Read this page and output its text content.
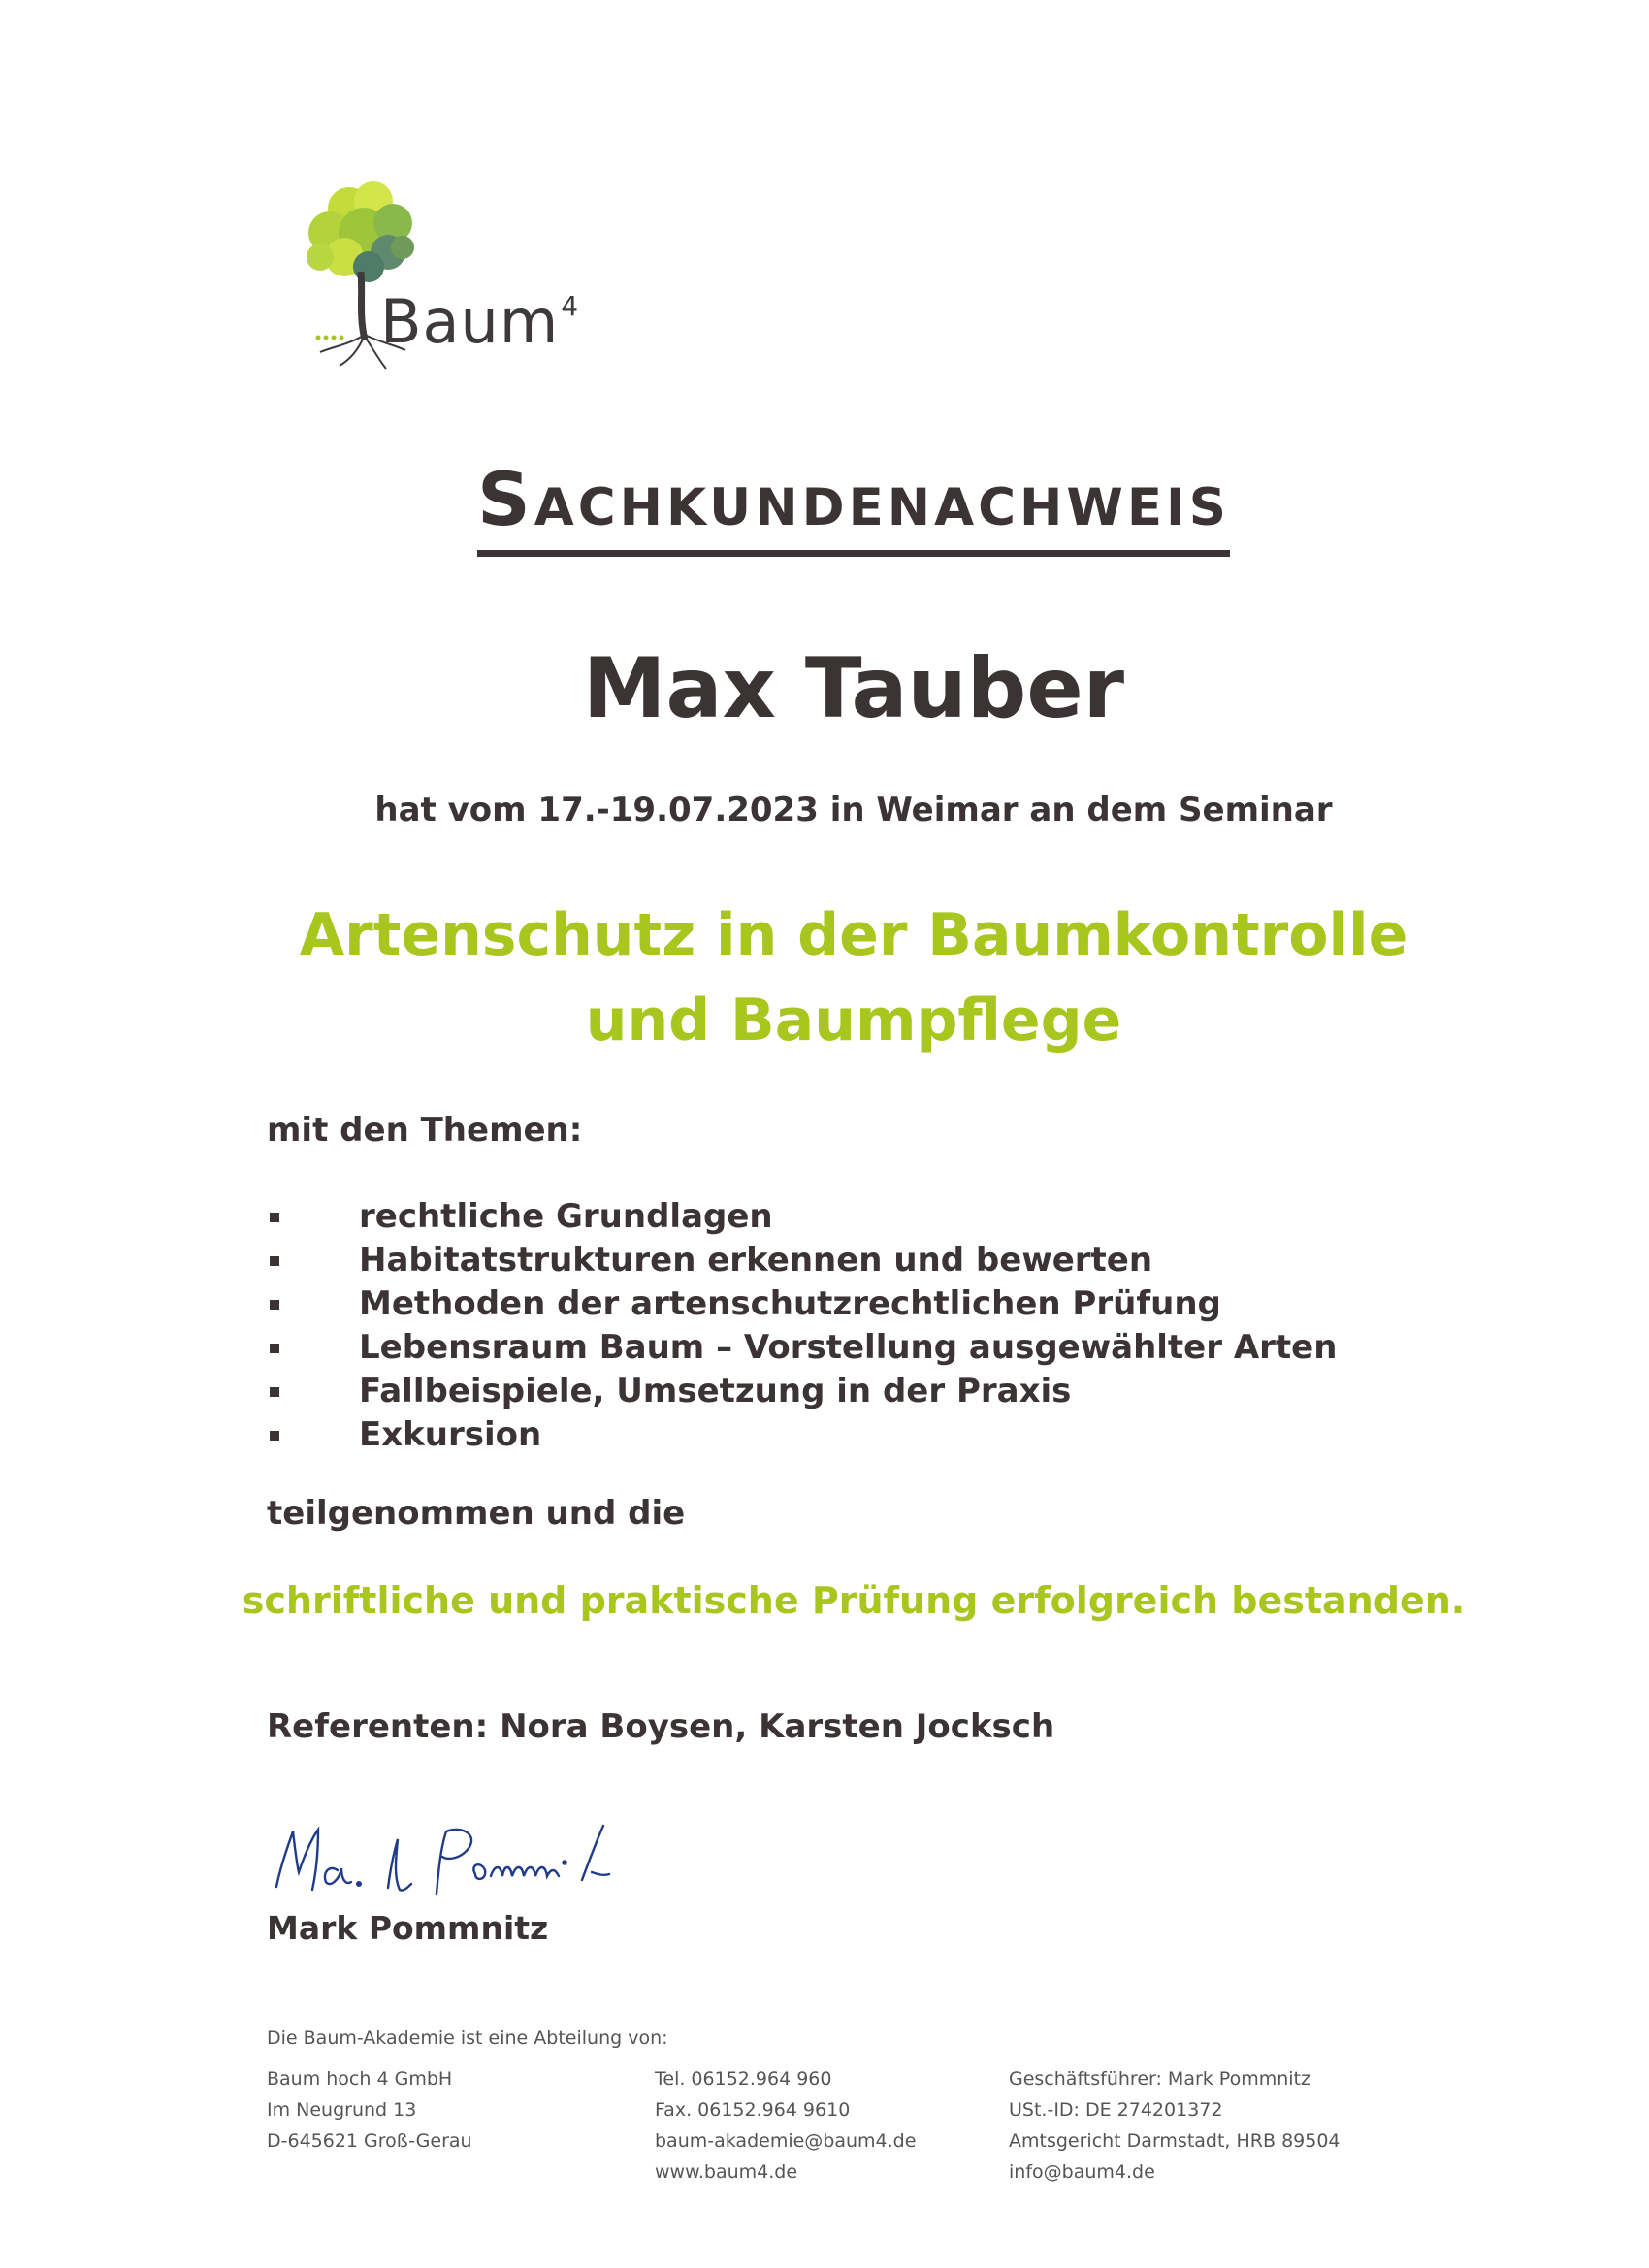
Baum$^4$
Sachkundenachweis
Max Tauber
hat vom 17.-19.07.2023 in Weimar an dem Seminar
Artenschutz in der Baumkontrolle
und Baumpflege
mit den Themen:
rechtliche Grundlagen
Habitatstrukturen erkennen und bewerten
Methoden der artenschutzrechtlichen Prüfung
Lebensraum Baum – Vorstellung ausgewählter Arten
Fallbeispiele, Umsetzung in der Praxis
Exkursion
teilgenommen und die
schriftliche und praktische Prüfung erfolgreich bestanden.
Referenten: Nora Boysen, Karsten Jocksch
Mark Pommnitz
Die Baum-Akademie ist eine Abteilung von:
Baum hoch 4 GmbH
Im Neugrund 13
D-645621 Groß-Gerau
Tel. 06152.964 960
Fax. 06152.964 9610
baum-akademie@baum4.de
www.baum4.de
Geschäftsführer: Mark Pommnitz
USt.-ID: DE 274201372
Amtsgericht Darmstadt, HRB 89504
info@baum4.de
